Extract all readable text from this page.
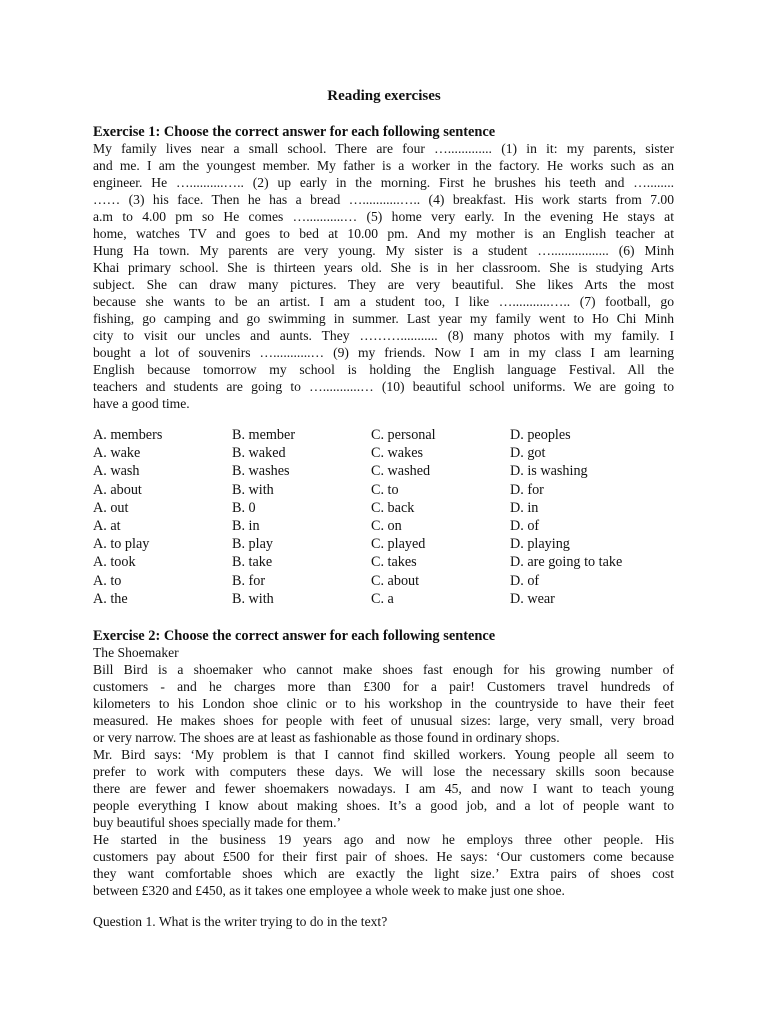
Reading exercises
Exercise 1: Choose the correct answer for each following sentence
My family lives near a small school. There are four …............. (1) in it: my parents, sister
and me. I am the youngest member. My father is a worker in the factory. He works such as an
engineer. He …..........….. (2) up early in the morning. First he brushes his teeth and …........
…… (3) his face. Then he has a bread …...........….. (4) breakfast. His work starts from 7.00
a.m to 4.00 pm so He comes …...........… (5) home very early. In the evening He stays at
home, watches TV and goes to bed at 10.00 pm. And my mother is an English teacher at
Hung Ha town. My parents are very young. My sister is a student …................. (6) Minh
Khai primary school. She is thirteen years old. She is in her classroom. She is studying Arts
subject. She can draw many pictures. They are very beautiful. She likes Arts the most
because she wants to be an artist. I am a student too, I like …...........….. (7) football, go
fishing, go camping and go swimming in summer. Last year my family went to Ho Chi Minh
city to visit our uncles and aunts. They ………........... (8) many photos with my family. I
bought a lot of souvenirs …...........… (9) my friends. Now I am in my class I am learning
English because tomorrow my school is holding the English language Festival. All the
teachers and students are going to …...........… (10) beautiful school uniforms. We are going to
have a good time.
A. members	B. member	C. personal	D. peoples
A. wake	B. waked	C. wakes	D. got
A. wash	B. washes	C. washed	D. is washing
A. about	B. with	C. to	D. for
A. out	B. 0	C. back	D. in
A. at	B. in	C. on	D. of
A. to play	B. play	C. played	D. playing
A. took	B. take	C. takes	D. are going to take
A. to	B. for	C. about	D. of
A. the	B. with	C. a	D. wear
Exercise 2: Choose the correct answer for each following sentence
The Shoemaker
Bill Bird is a shoemaker who cannot make shoes fast enough for his growing number of
customers - and he charges more than £300 for a pair! Customers travel hundreds of
kilometers to his London shoe clinic or to his workshop in the countryside to have their feet
measured. He makes shoes for people with feet of unusual sizes: large, very small, very broad
or very narrow. The shoes are at least as fashionable as those found in ordinary shops.
Mr. Bird says: ‘My problem is that I cannot find skilled workers. Young people all seem to
prefer to work with computers these days. We will lose the necessary skills soon because
there are fewer and fewer shoemakers nowadays. I am 45, and now I want to teach young
people everything I know about making shoes. It’s a good job, and a lot of people want to
buy beautiful shoes specially made for them.’
He started in the business 19 years ago and now he employs three other people. His
customers pay about £500 for their first pair of shoes. He says: ‘Our customers come because
they want comfortable shoes which are exactly the light size.’ Extra pairs of shoes cost
between £320 and £450, as it takes one employee a whole week to make just one shoe.
Question 1. What is the writer trying to do in the text?
